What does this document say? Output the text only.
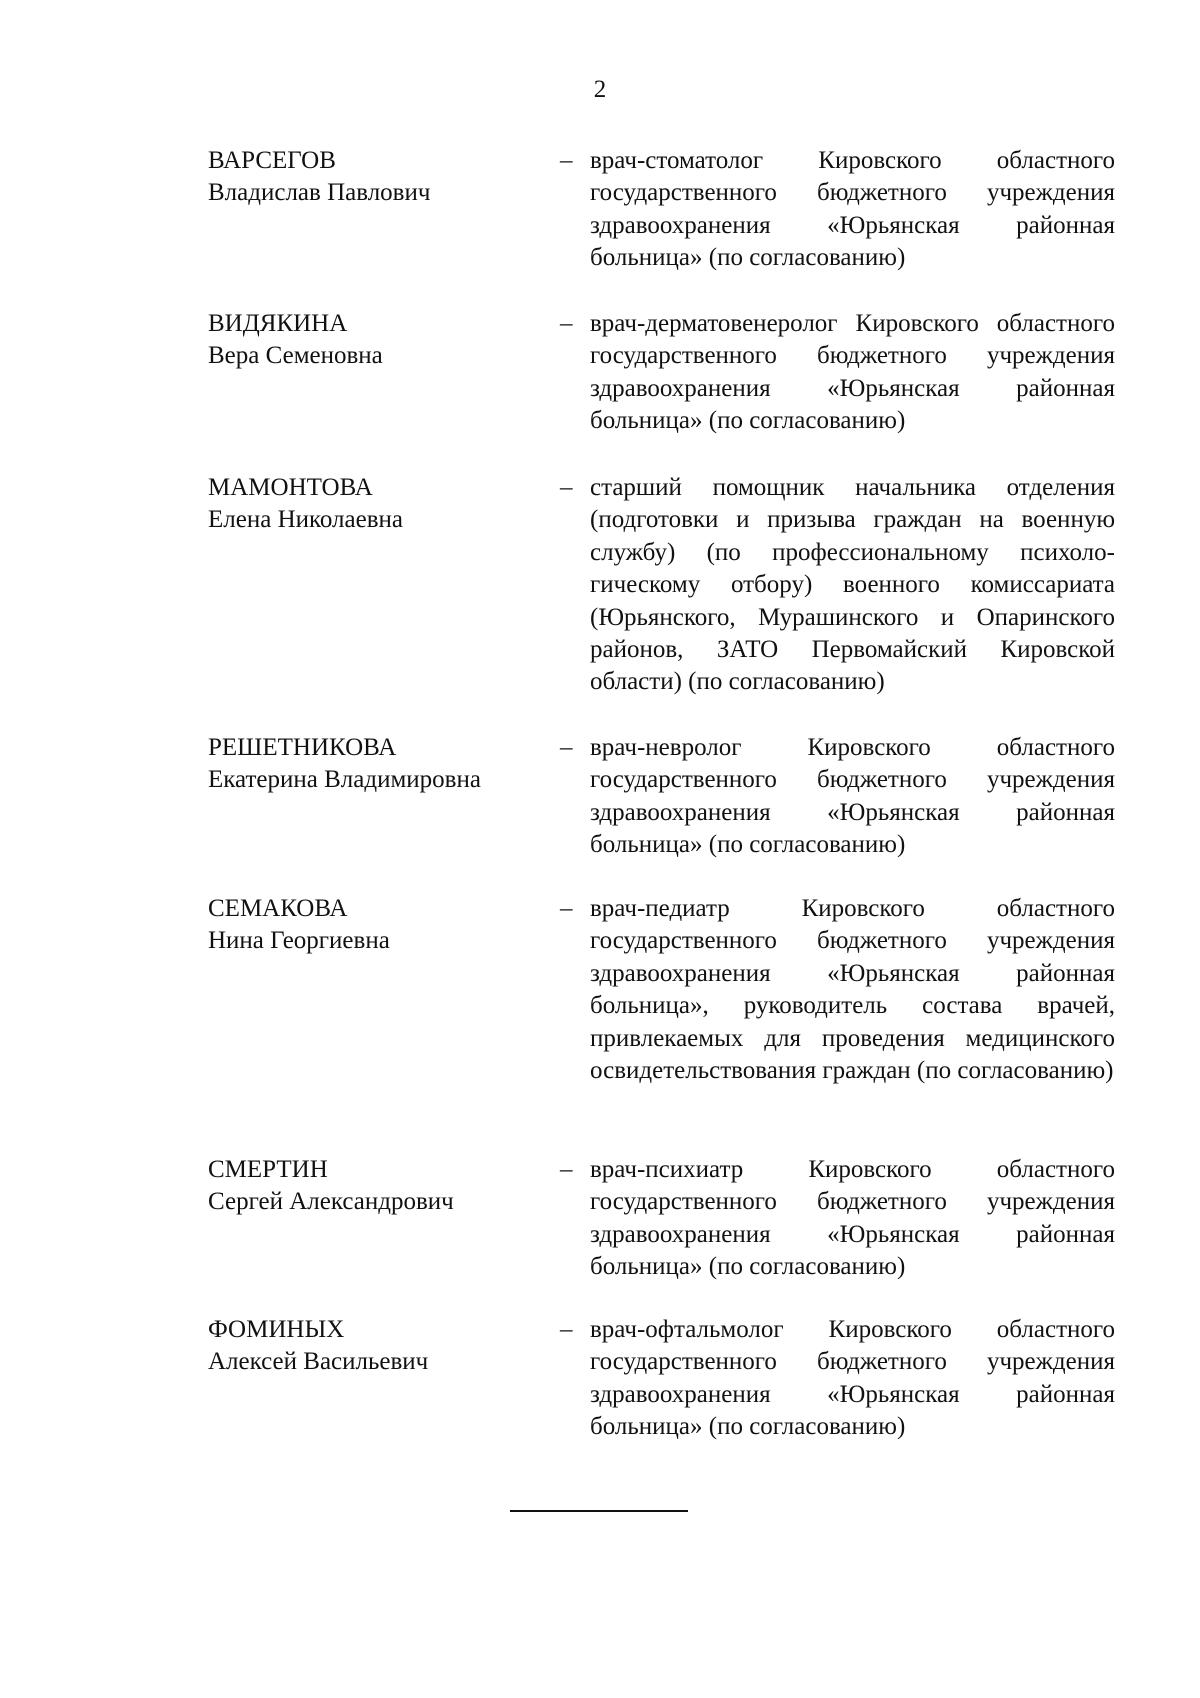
2
ВАРСЕГОВ
Владислав Павлович
– врач-стоматолог Кировского областного государственного бюджетного учреждения здравоохранения «Юрьянская районная больница» (по согласованию)

ВИДЯКИНА
Вера Семеновна
– врач-дерматовенеролог Кировского областного государственного бюджетного учреждения здравоохранения «Юрьянская районная больница» (по согласованию)

МАМОНТОВА
Елена Николаевна
– старший помощник начальника отделения (подготовки и призыва граждан на военную службу) (по профессиональному психологическому отбору) военного комиссариата (Юрьянского, Мурашинского и Опаринского районов, ЗАТО Первомайский Кировской области) (по согласованию)

РЕШЕТНИКОВА
Екатерина Владимировна
– врач-невролог Кировского областного государственного бюджетного учреждения здравоохранения «Юрьянская районная больница» (по согласованию)

СЕМАКОВА
Нина Георгиевна
– врач-педиатр Кировского областного государственного бюджетного учреждения здравоохранения «Юрьянская районная больница», руководитель состава врачей, привлекаемых для проведения медицинского освидетельствования граждан (по согласованию)

СМЕРТИН
Сергей Александрович
– врач-психиатр Кировского областного государственного бюджетного учреждения здравоохранения «Юрьянская районная больница» (по согласованию)

ФОМИНЫХ
Алексей Васильевич
– врач-офтальмолог Кировского областного государственного бюджетного учреждения здравоохранения «Юрьянская районная больница» (по согласованию)
